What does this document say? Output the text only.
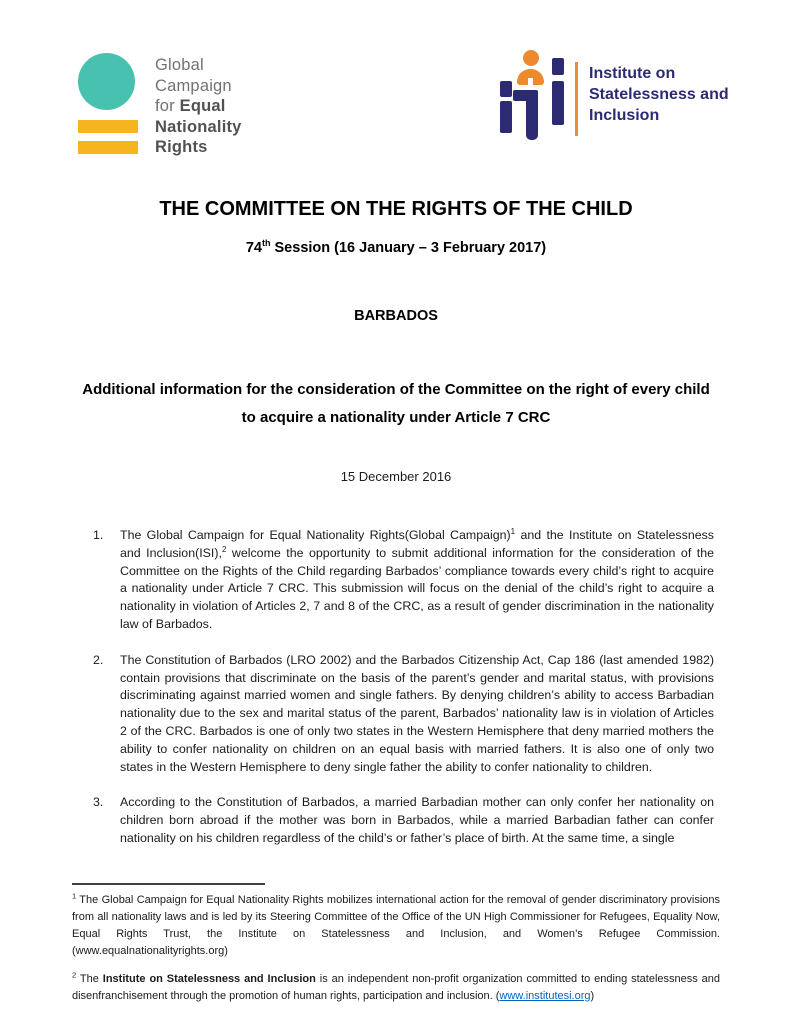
Global
Campaign
for Equal
Nationality
Rights
Institute on
Statelessness and
Inclusion
THE COMMITTEE ON THE RIGHTS OF THE CHILD
74th Session (16 January – 3 February 2017)
BARBADOS
Additional information for the consideration of the Committee on the right of every child to acquire a nationality under Article 7 CRC
15 December 2016
1.	The Global Campaign for Equal Nationality Rights(Global Campaign)$^1$ and the Institute on Statelessness and Inclusion(ISI),$^2$ welcome the opportunity to submit additional information for the consideration of the Committee on the Rights of the Child regarding Barbados’ compliance towards every child’s right to acquire a nationality under Article 7 CRC. This submission will focus on the denial of the child’s right to acquire a nationality in violation of Articles 2, 7 and 8 of the CRC, as a result of gender discrimination in the nationality law of Barbados.
2.	The Constitution of Barbados (LRO 2002) and the Barbados Citizenship Act, Cap 186 (last amended 1982) contain provisions that discriminate on the basis of the parent’s gender and marital status, with provisions discriminating against married women and single fathers. By denying children’s ability to access Barbadian nationality due to the sex and marital status of the parent, Barbados’ nationality law is in violation of Articles 2 of the CRC. Barbados is one of only two states in the Western Hemisphere that deny married mothers the ability to confer nationality on children on an equal basis with married fathers. It is also one of only two states in the Western Hemisphere to deny single father the ability to confer nationality to children.
3.	According to the Constitution of Barbados, a married Barbadian mother can only confer her nationality on children born abroad if the mother was born in Barbados, while a married Barbadian father can confer nationality on his children regardless of the child’s or father’s place of birth. At the same time, a single

$^1$ The Global Campaign for Equal Nationality Rights mobilizes international action for the removal of gender discriminatory provisions from all nationality laws and is led by its Steering Committee of the Office of the UN High Commissioner for Refugees, Equality Now, Equal Rights Trust, the Institute on Statelessness and Inclusion, and Women’s Refugee Commission. (www.equalnationalityrights.org)

$^2$ The Institute on Statelessness and Inclusion is an independent non-profit organization committed to ending statelessness and disenfranchisement through the promotion of human rights, participation and inclusion. (www.institutesi.org)
